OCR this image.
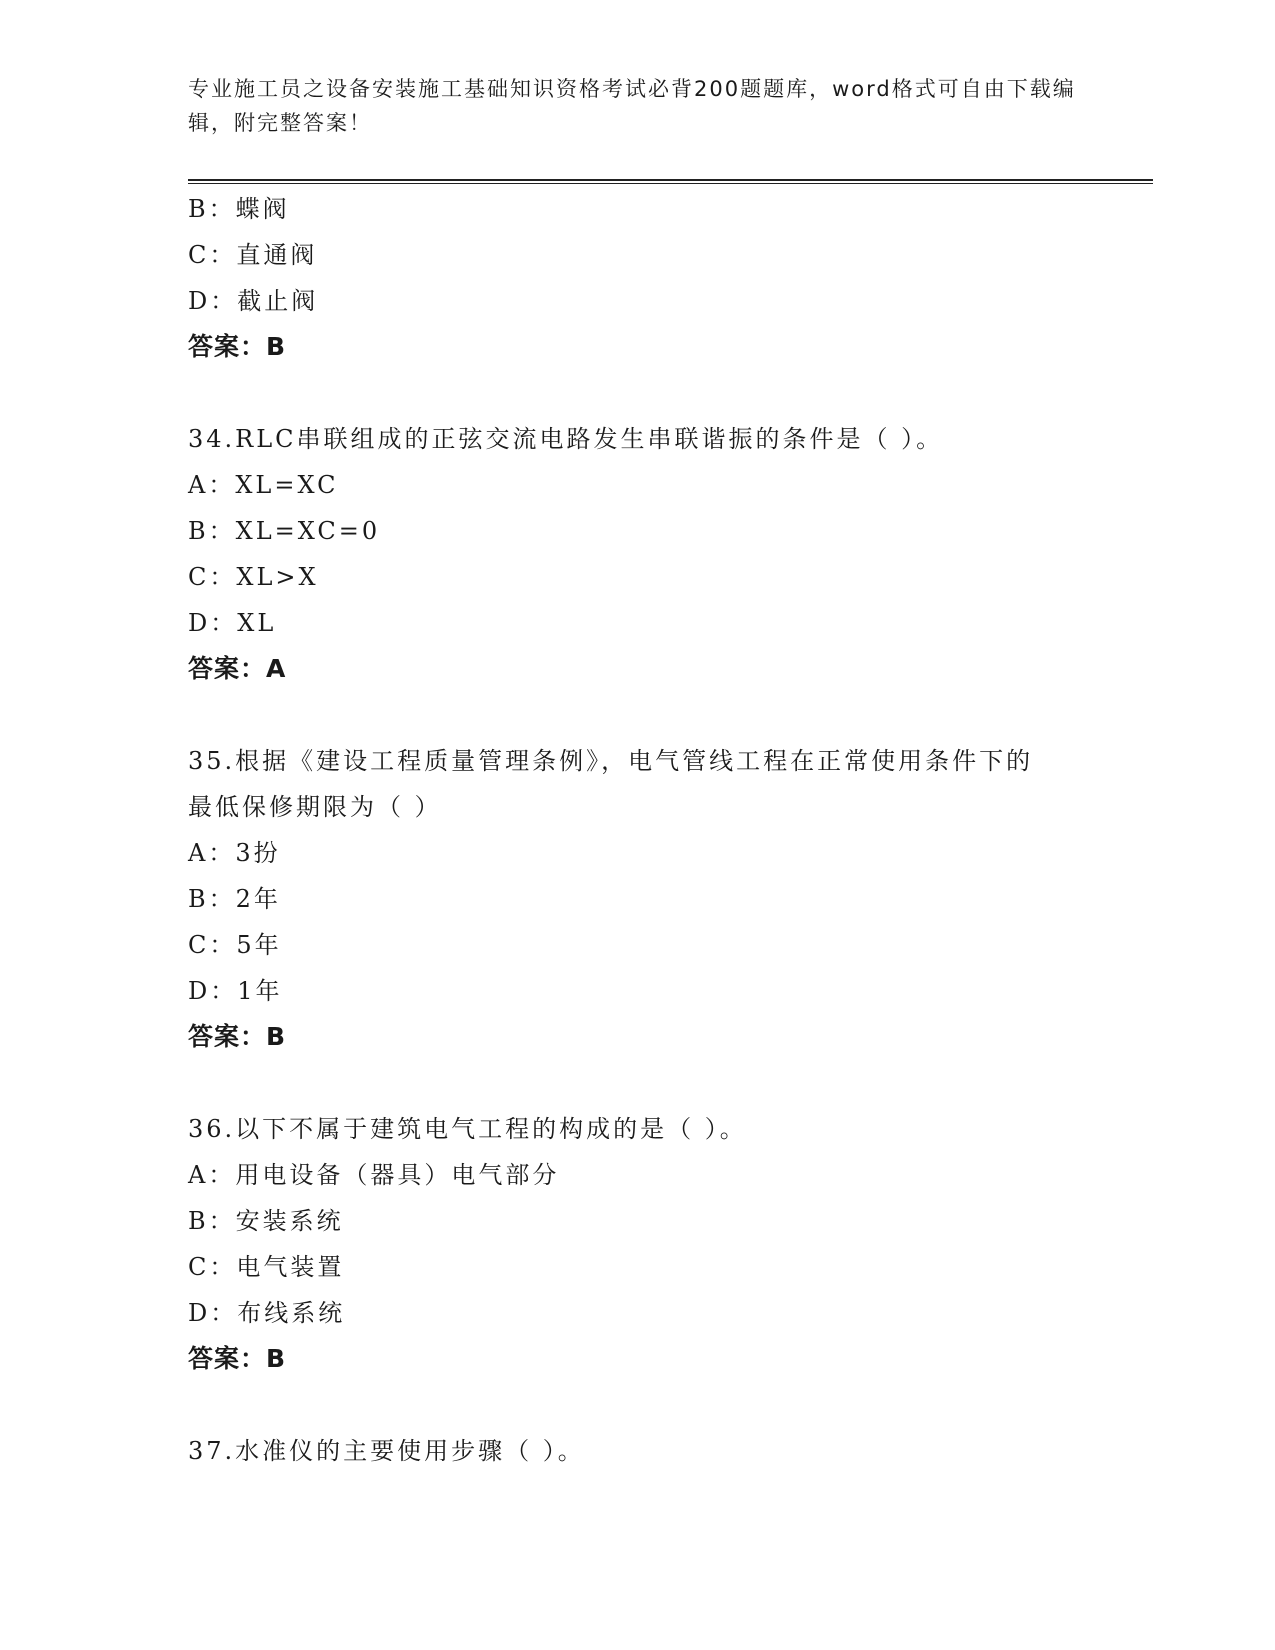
专业施工员之设备安装施工基础知识资格考试必背200题题库，word格式可自由下载编辑，附完整答案！
B：蝶阀
C：直通阀
D：截止阀
答案：B
34.RLC串联组成的正弦交流电路发生串联谐振的条件是（ ）。
A：XL=XC
B：XL=XC=0
C：XL>X
D：XL
答案：A
35.根据《建设工程质量管理条例》，电气管线工程在正常使用条件下的最低保修期限为（ ）
A：3扮
B：2年
C：5年
D：1年
答案：B
36.以下不属于建筑电气工程的构成的是（ ）。
A：用电设备（器具）电气部分
B：安装系统
C：电气装置
D：布线系统
答案：B
37.水准仪的主要使用步骤（ ）。
